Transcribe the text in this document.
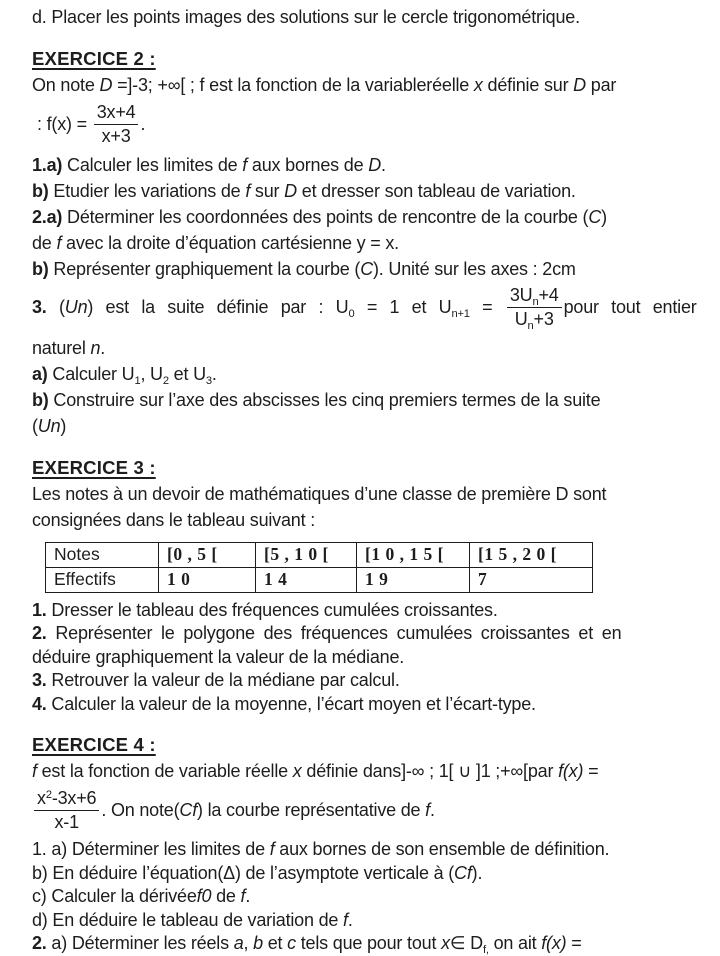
d. Placer les points images des solutions sur le cercle trigonométrique.
EXERCICE 2 :
On note D =]-3; +∞[ ; f est la fonction de la variableréelle x définie sur D par
: $f(x) = \frac{3x+4}{x+3}$ .
1.a) Calculer les limites de f aux bornes de D.
b) Etudier les variations de f sur D et dresser son tableau de variation.
2.a) Déterminer les coordonnées des points de rencontre de la courbe (C)
de f avec la droite d’équation cartésienne y = x.
b) Représenter graphiquement la courbe (C). Unité sur les axes : 2cm
3. (Un) est la suite définie par : $U_0 = 1$ et $U_{n+1} = \frac{3U_n+4}{U_n+3}$ pour tout entier
naturel n.
a) Calculer $U_1$, $U_2$ et $U_3$.
b) Construire sur l’axe des abscisses les cinq premiers termes de la suite
(Un)
EXERCICE 3 :
Les notes à un devoir de mathématiques d’une classe de première D sont
consignées dans le tableau suivant :
Notes	[0 , 5 [	[5 , 1 0 [	[1 0 , 1 5 [	[1 5 , 2 0 [
Effectifs	1 0	1 4	1 9	7
1. Dresser le tableau des fréquences cumulées croissantes.
2. Représenter le polygone des fréquences cumulées croissantes et en
déduire graphiquement la valeur de la médiane.
3. Retrouver la valeur de la médiane par calcul.
4. Calculer la valeur de la moyenne, l’écart moyen et l’écart-type.
EXERCICE 4 :
f est la fonction de variable réelle x définie dans]-∞ ; 1[ ∪ ]1 ;+∞[par f(x) =
$\frac{x^2-3x+6}{x-1}$ . On note(Cf) la courbe représentative de f.
1. a) Déterminer les limites de f aux bornes de son ensemble de définition.
b) En déduire l’équation(Δ) de l’asymptote verticale à (Cf).
c) Calculer la dérivéef0 de f.
d) En déduire le tableau de variation de f.
2. a) Déterminer les réels a, b et c tels que pour tout x∈ $D_{f,}$ on ait f(x) =
